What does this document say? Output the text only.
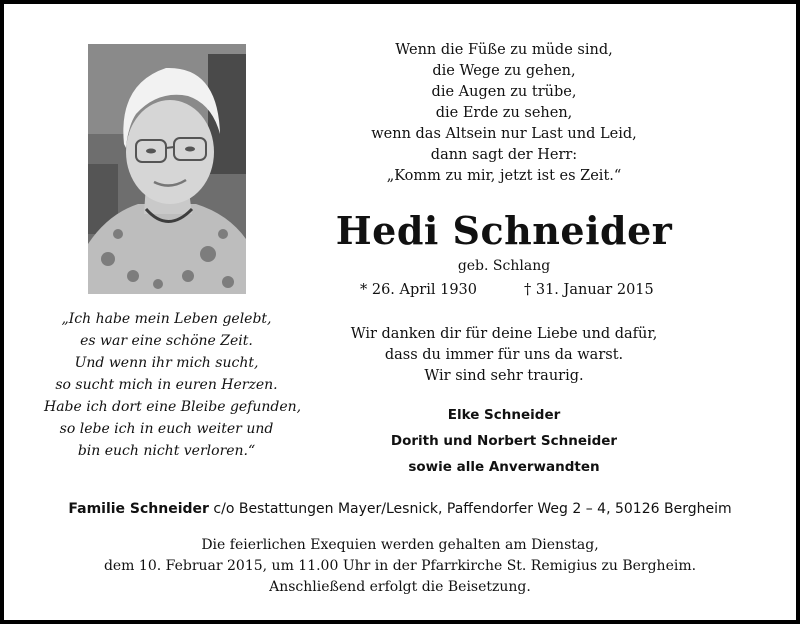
Wenn die Füße zu müde sind,
die Wege zu gehen,
die Augen zu trübe,
die Erde zu sehen,
wenn das Altsein nur Last und Leid,
dann sagt der Herr:
„Komm zu mir, jetzt ist es Zeit.“
Hedi Schneider
geb. Schlang
* 26. April 1930	† 31. Januar 2015
Wir danken dir für deine Liebe und dafür,
dass du immer für uns da warst.
Wir sind sehr traurig.
Elke Schneider
Dorith und Norbert Schneider
sowie alle Anverwandten
„Ich habe mein Leben gelebt,
es war eine schöne Zeit.
Und wenn ihr mich sucht,
so sucht mich in euren Herzen.
Habe ich dort eine Bleibe gefunden,
so lebe ich in euch weiter und
bin euch nicht verloren.“
Familie Schneider c/o Bestattungen Mayer/Lesnick, Paffendorfer Weg 2 – 4, 50126 Bergheim
Die feierlichen Exequien werden gehalten am Dienstag,
dem 10. Februar 2015, um 11.00 Uhr in der Pfarrkirche St. Remigius zu Bergheim.
Anschließend erfolgt die Beisetzung.
